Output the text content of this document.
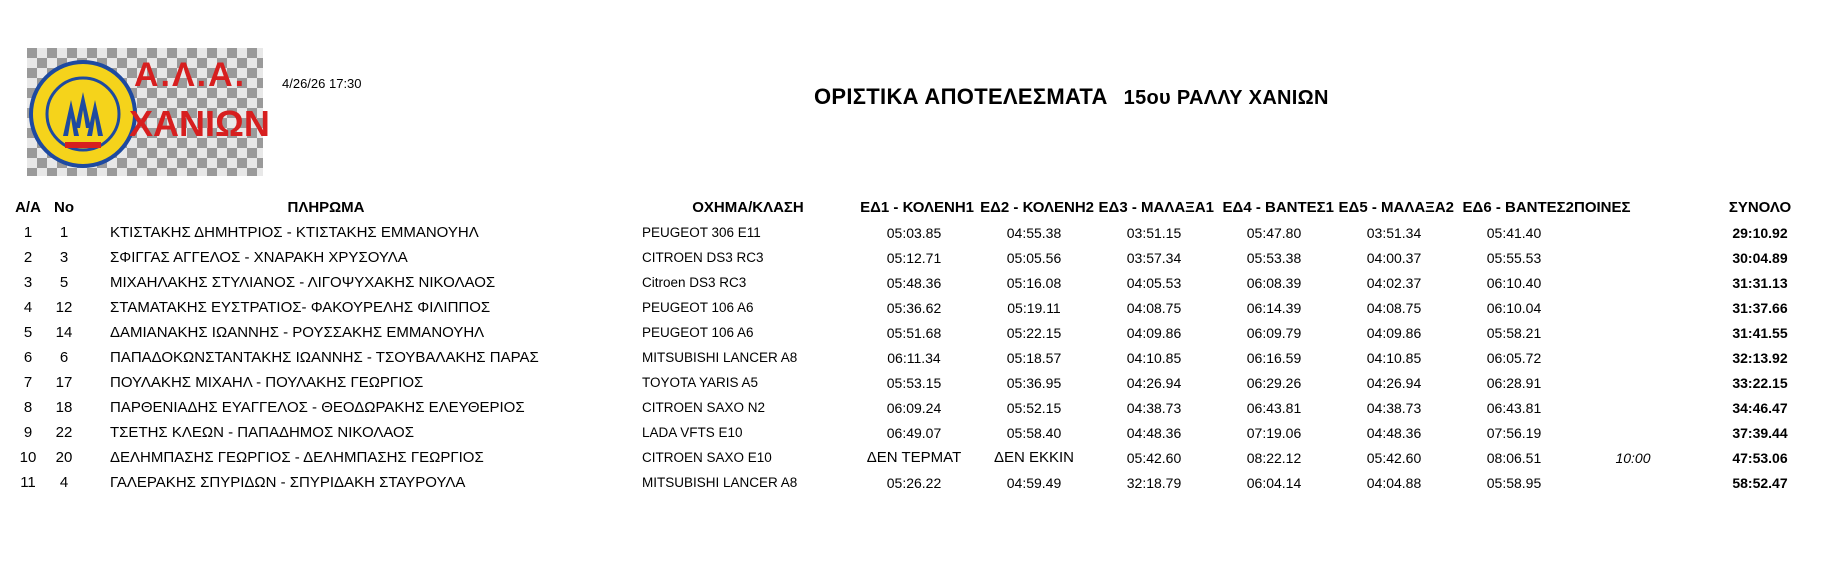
Α.Λ.Α.
ΧΑΝΙΩΝ
4/26/26 17:30
ΟΡΙΣΤΙΚΑ ΑΠΟΤΕΛΕΣΜΑΤΑ 15ου ΡΑΛΛΥ ΧΑΝΙΩΝ
Α/Α	No	ΠΛΗΡΩΜΑ	ΟΧΗΜΑ/ΚΛΑΣΗ	ΕΔ1 - ΚΟΛΕΝΗ1	ΕΔ2 - ΚΟΛΕΝΗ2	ΕΔ3 - ΜΑΛΑΞΑ1	ΕΔ4 - ΒΑΝΤΕΣ1	ΕΔ5 - ΜΑΛΑΞΑ2	ΕΔ6 - ΒΑΝΤΕΣ2	ΠΟΙΝΕΣ	ΣΥΝΟΛΟ
1	1	ΚΤΙΣΤΑΚΗΣ ΔΗΜΗΤΡΙΟΣ - ΚΤΙΣΤΑΚΗΣ ΕΜΜΑΝΟΥΗΛ	PEUGEOT 306 E11	05:03.85	04:55.38	03:51.15	05:47.80	03:51.34	05:41.40		29:10.92
2	3	ΣΦΙΓΓΑΣ ΑΓΓΕΛΟΣ - ΧΝΑΡΑΚΗ ΧΡΥΣΟΥΛΑ	CITROEN DS3 RC3	05:12.71	05:05.56	03:57.34	05:53.38	04:00.37	05:55.53		30:04.89
3	5	ΜΙΧΑΗΛΑΚΗΣ ΣΤΥΛΙΑΝΟΣ - ΛΙΓΟΨΥΧΑΚΗΣ ΝΙΚΟΛΑΟΣ	Citroen DS3 RC3	05:48.36	05:16.08	04:05.53	06:08.39	04:02.37	06:10.40		31:31.13
4	12	ΣΤΑΜΑΤΑΚΗΣ ΕΥΣΤΡΑΤΙΟΣ- ΦΑΚΟΥΡΕΛΗΣ ΦΙΛΙΠΠΟΣ	PEUGEOT 106 A6	05:36.62	05:19.11	04:08.75	06:14.39	04:08.75	06:10.04		31:37.66
5	14	ΔΑΜΙΑΝΑΚΗΣ ΙΩΑΝΝΗΣ - ΡΟΥΣΣΑΚΗΣ ΕΜΜΑΝΟΥΗΛ	PEUGEOT 106 A6	05:51.68	05:22.15	04:09.86	06:09.79	04:09.86	05:58.21		31:41.55
6	6	ΠΑΠΑΔΟΚΩΝΣΤΑΝΤΑΚΗΣ ΙΩΑΝΝΗΣ - ΤΣΟΥΒΑΛΑΚΗΣ ΠΑΡΑΣ	MITSUBISHI LANCER A8	06:11.34	05:18.57	04:10.85	06:16.59	04:10.85	06:05.72		32:13.92
7	17	ΠΟΥΛΑΚΗΣ ΜΙΧΑΗΛ - ΠΟΥΛΑΚΗΣ ΓΕΩΡΓΙΟΣ	TOYOTA YARIS A5	05:53.15	05:36.95	04:26.94	06:29.26	04:26.94	06:28.91		33:22.15
8	18	ΠΑΡΘΕΝΙΑΔΗΣ ΕΥΑΓΓΕΛΟΣ - ΘΕΟΔΩΡΑΚΗΣ ΕΛΕΥΘΕΡΙΟΣ	CITROEN SAXO N2	06:09.24	05:52.15	04:38.73	06:43.81	04:38.73	06:43.81		34:46.47
9	22	ΤΣΕΤΗΣ ΚΛΕΩΝ - ΠΑΠΑΔΗΜΟΣ ΝΙΚΟΛΑΟΣ	LADA VFTS E10	06:49.07	05:58.40	04:48.36	07:19.06	04:48.36	07:56.19		37:39.44
10	20	ΔΕΛΗΜΠΑΣΗΣ ΓΕΩΡΓΙΟΣ - ΔΕΛΗΜΠΑΣΗΣ ΓΕΩΡΓΙΟΣ	CITROEN SAXO E10	ΔΕΝ ΤΕΡΜΑΤ	ΔΕΝ ΕΚΚΙΝ	05:42.60	08:22.12	05:42.60	08:06.51	10:00	47:53.06
11	4	ΓΑΛΕΡΑΚΗΣ ΣΠΥΡΙΔΩΝ - ΣΠΥΡΙΔΑΚΗ ΣΤΑΥΡΟΥΛΑ	MITSUBISHI LANCER A8	05:26.22	04:59.49	32:18.79	06:04.14	04:04.88	05:58.95		58:52.47
